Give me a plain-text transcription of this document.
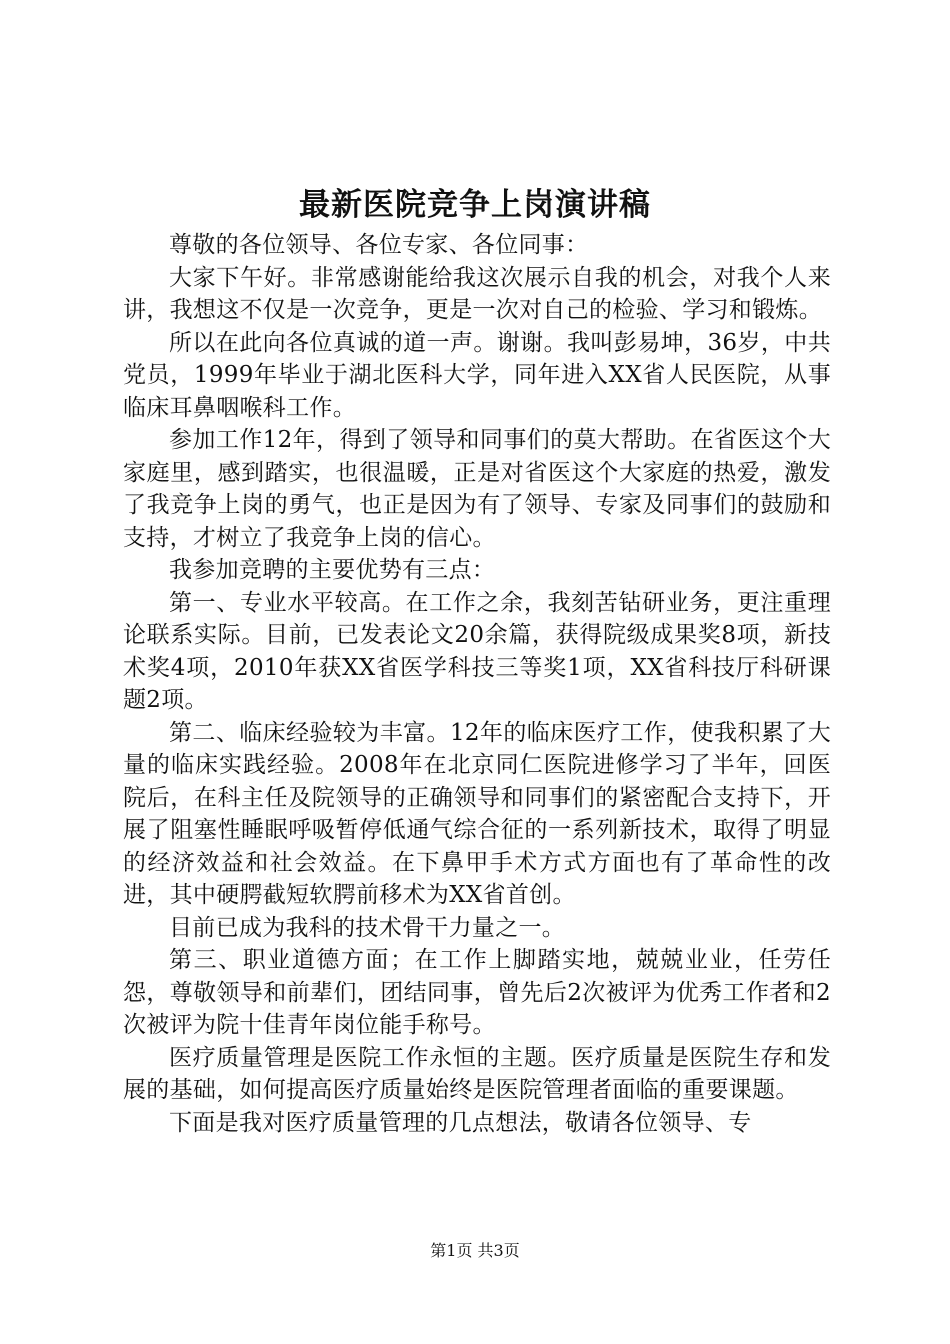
最新医院竞争上岗演讲稿

尊敬的各位领导、各位专家、各位同事：

大家下午好。非常感谢能给我这次展示自我的机会，对我个人来讲，我想这不仅是一次竞争，更是一次对自己的检验、学习和锻炼。

所以在此向各位真诚的道一声。谢谢。我叫彭易坤，36岁，中共党员，1999年毕业于湖北医科大学，同年进入XX省人民医院，从事临床耳鼻咽喉科工作。

参加工作12年，得到了领导和同事们的莫大帮助。在省医这个大家庭里，感到踏实，也很温暖，正是对省医这个大家庭的热爱，激发了我竞争上岗的勇气，也正是因为有了领导、专家及同事们的鼓励和支持，才树立了我竞争上岗的信心。

我参加竞聘的主要优势有三点：

第一、专业水平较高。在工作之余，我刻苦钻研业务，更注重理论联系实际。目前，已发表论文20余篇，获得院级成果奖8项，新技术奖4项，2010年获XX省医学科技三等奖1项，XX省科技厅科研课题2项。

第二、临床经验较为丰富。12年的临床医疗工作，使我积累了大量的临床实践经验。2008年在北京同仁医院进修学习了半年，回医院后，在科主任及院领导的正确领导和同事们的紧密配合支持下，开展了阻塞性睡眠呼吸暂停低通气综合征的一系列新技术，取得了明显的经济效益和社会效益。在下鼻甲手术方式方面也有了革命性的改进，其中硬腭截短软腭前移术为XX省首创。

目前已成为我科的技术骨干力量之一。

第三、职业道德方面；在工作上脚踏实地，兢兢业业，任劳任怨，尊敬领导和前辈们，团结同事，曾先后2次被评为优秀工作者和2次被评为院十佳青年岗位能手称号。

医疗质量管理是医院工作永恒的主题。医疗质量是医院生存和发展的基础，如何提高医疗质量始终是医院管理者面临的重要课题。

下面是我对医疗质量管理的几点想法，敬请各位领导、专

第1页 共3页
